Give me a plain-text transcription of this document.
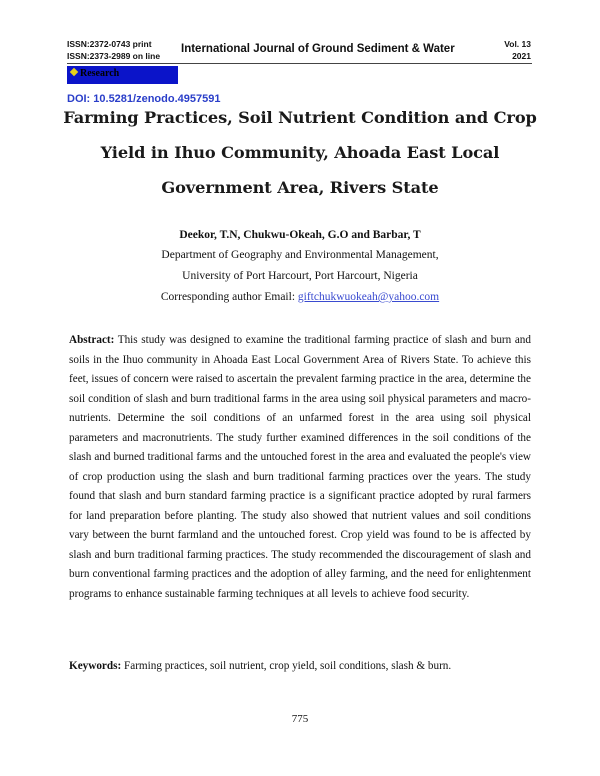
ISSN:2372-0743 print
ISSN:2373-2989 on line
International Journal of Ground Sediment & Water	Vol. 13
2021
Research
DOI: 10.5281/zenodo.4957591
Farming Practices, Soil Nutrient Condition and Crop Yield in Ihuo Community, Ahoada East Local Government Area, Rivers State
Deekor, T.N, Chukwu-Okeah, G.O and Barbar, T
Department of Geography and Environmental Management,
University of Port Harcourt, Port Harcourt, Nigeria
Corresponding author Email: giftchukwuokeah@yahoo.com
Abstract: This study was designed to examine the traditional farming practice of slash and burn and soils in the Ihuo community in Ahoada East Local Government Area of Rivers State. To achieve this feet, issues of concern were raised to ascertain the prevalent farming practice in the area, determine the soil condition of slash and burn traditional farms in the area using soil physical parameters and macro-nutrients. Determine the soil conditions of an unfarmed forest in the area using soil physical parameters and macronutrients. The study further examined differences in the soil conditions of the slash and burned traditional farms and the untouched forest in the area and evaluated the people's view of crop production using the slash and burn traditional farming practices over the years. The study found that slash and burn standard farming practice is a significant practice adopted by rural farmers for land preparation before planting. The study also showed that nutrient values and soil conditions vary between the burnt farmland and the untouched forest. Crop yield was found to be is affected by slash and burn traditional farming practices. The study recommended the discouragement of slash and burn conventional farming practices and the adoption of alley farming, and the need for enlightenment programs to enhance sustainable farming techniques at all levels to achieve food security.
Keywords: Farming practices, soil nutrient, crop yield, soil conditions, slash & burn.
775
